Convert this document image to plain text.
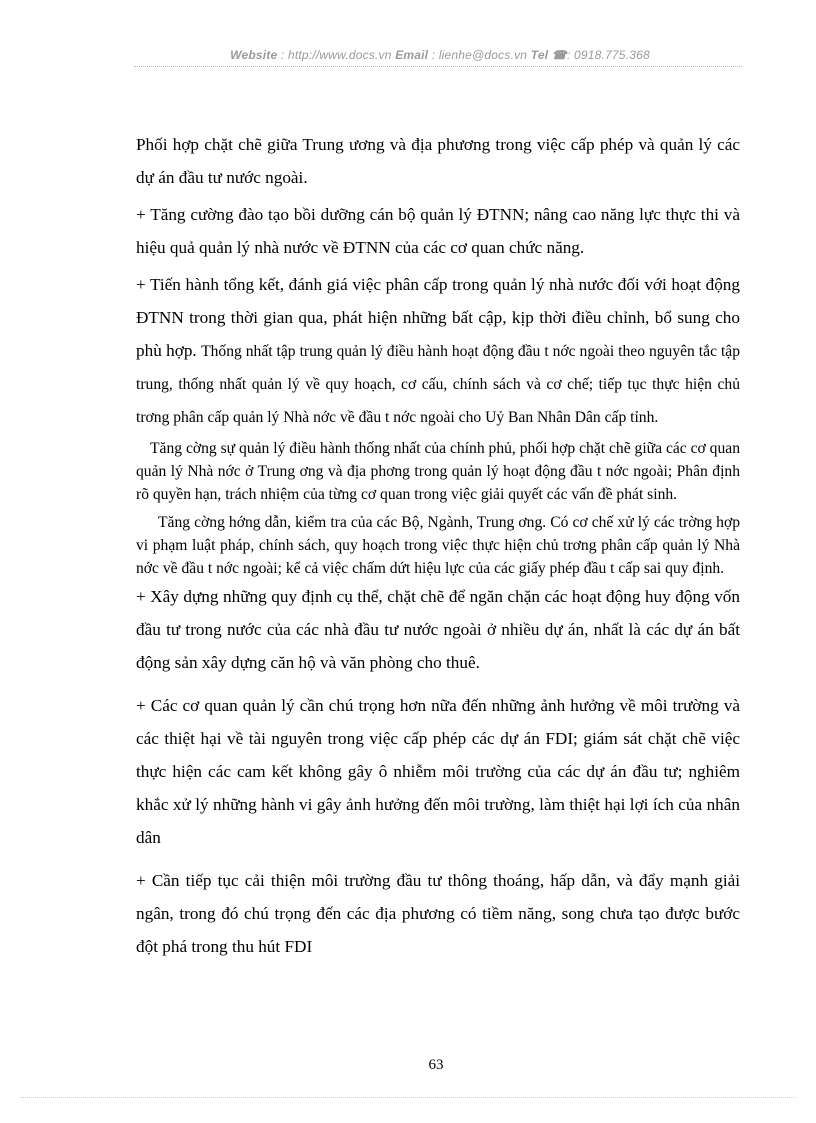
Website : http://www.docs.vn Email : lienhe@docs.vn Tel ☎: 0918.775.368

Phối hợp chặt chẽ giữa Trung ương và địa phương trong việc cấp phép và quản lý các dự án đầu tư nước ngoài.

+ Tăng cường đào tạo bồi dưỡng cán bộ quản lý ĐTNN; nâng cao năng lực thực thi và hiệu quả quản lý nhà nước về ĐTNN của các cơ quan chức năng.

+ Tiến hành tổng kết, đánh giá việc phân cấp trong quản lý nhà nước đối với hoạt động ĐTNN trong thời gian qua, phát hiện những bất cập, kịp thời điều chỉnh, bổ sung cho phù hợp. Thống nhất tập trung quản lý điều hành hoạt động đầu t nớc ngoài theo nguyên tắc tập trung, thống nhất quản lý về quy hoạch, cơ cấu, chính sách và cơ chế; tiếp tục thực hiện chủ trơng phân cấp quản lý Nhà nớc về đầu t nớc ngoài cho Uỷ Ban Nhân Dân cấp tỉnh.

Tăng cờng sự quản lý điều hành thống nhất của chính phủ, phối hợp chặt chẽ giữa các cơ quan quản lý Nhà nớc ở Trung ơng và địa phơng trong quản lý hoạt động đầu t nớc ngoài; Phân định rõ quyền hạn, trách nhiệm của từng cơ quan trong việc giải quyết các vấn đề phát sinh.

Tăng cờng hớng dẫn, kiểm tra của các Bộ, Ngành, Trung ơng. Có cơ chế xử lý các trờng hợp vi phạm luật pháp, chính sách, quy hoạch trong việc thực hiện chủ trơng phân cấp quản lý Nhà nớc về đầu t nớc ngoài; kể cả việc chấm dứt hiệu lực của các giấy phép đầu t cấp sai quy định.

+ Xây dựng những quy định cụ thể, chặt chẽ để ngăn chặn các hoạt động huy động vốn đầu tư trong nước của các nhà đầu tư nước ngoài ở nhiều dự án, nhất là các dự án bất động sản xây dựng căn hộ và văn phòng cho thuê.

+ Các cơ quan quản lý cần chú trọng hơn nữa đến những ảnh hưởng về môi trường và các thiệt hại về tài nguyên trong việc cấp phép các dự án FDI; giám sát chặt chẽ việc thực hiện các cam kết không gây ô nhiễm môi trường của các dự án đầu tư; nghiêm khắc xử lý những hành vi gây ảnh hưởng đến môi trường, làm thiệt hại lợi ích của nhân dân

+ Cần tiếp tục cải thiện môi trường đầu tư thông thoáng, hấp dẫn, và đẩy mạnh giải ngân, trong đó chú trọng đến các địa phương có tiềm năng, song chưa tạo được bước đột phá trong thu hút FDI

63
